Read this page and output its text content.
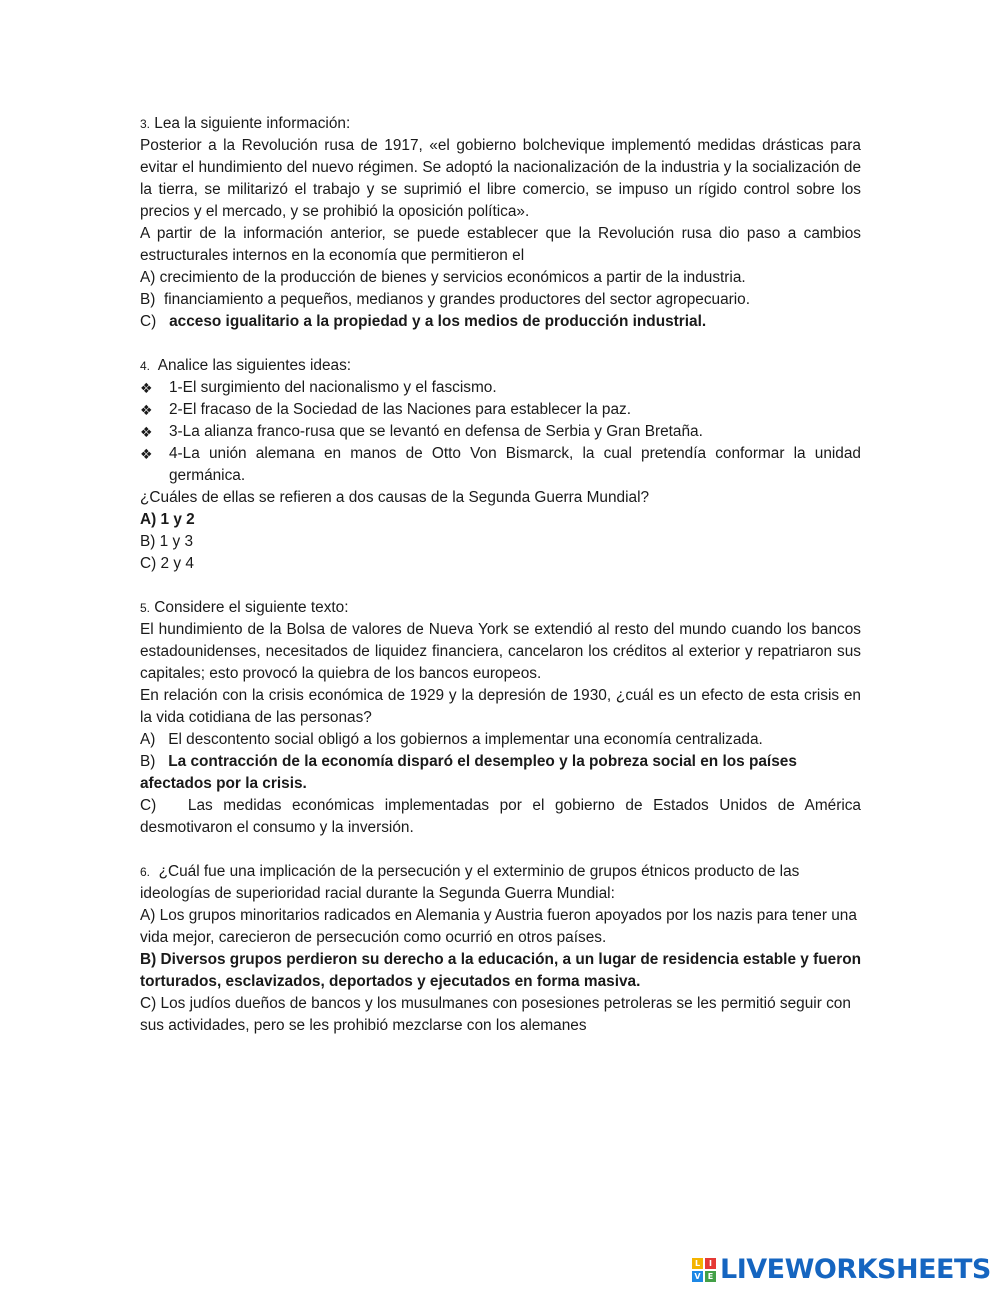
3. Lea la siguiente información:

Posterior a la Revolución rusa de 1917, «el gobierno bolchevique implementó medidas drásticas para evitar el hundimiento del nuevo régimen. Se adoptó la nacionalización de la industria y la socialización de la tierra, se militarizó el trabajo y se suprimió el libre comercio, se impuso un rígido control sobre los precios y el mercado, y se prohibió la oposición política».

A partir de la información anterior, se puede establecer que la Revolución rusa dio paso a cambios estructurales internos en la economía que permitieron el

A) crecimiento de la producción de bienes y servicios económicos a partir de la industria.

B) financiamiento a pequeños, medianos y grandes productores del sector agropecuario.

C) acceso igualitario a la propiedad y a los medios de producción industrial.

4. Analice las siguientes ideas:

❖ 1-El surgimiento del nacionalismo y el fascismo.
❖ 2-El fracaso de la Sociedad de las Naciones para establecer la paz.
❖ 3-La alianza franco-rusa que se levantó en defensa de Serbia y Gran Bretaña.
❖ 4-La unión alemana en manos de Otto Von Bismarck, la cual pretendía conformar la unidad germánica.

¿Cuáles de ellas se refieren a dos causas de la Segunda Guerra Mundial?

A) 1 y 2

B) 1 y 3

C) 2 y 4

5. Considere el siguiente texto:

El hundimiento de la Bolsa de valores de Nueva York se extendió al resto del mundo cuando los bancos estadounidenses, necesitados de liquidez financiera, cancelaron los créditos al exterior y repatriaron sus capitales; esto provocó la quiebra de los bancos europeos.

En relación con la crisis económica de 1929 y la depresión de 1930, ¿cuál es un efecto de esta crisis en la vida cotidiana de las personas?

A) El descontento social obligó a los gobiernos a implementar una economía centralizada.

B) La contracción de la economía disparó el desempleo y la pobreza social en los países afectados por la crisis.

C) Las medidas económicas implementadas por el gobierno de Estados Unidos de América desmotivaron el consumo y la inversión.

6. ¿Cuál fue una implicación de la persecución y el exterminio de grupos étnicos producto de las ideologías de superioridad racial durante la Segunda Guerra Mundial:

A) Los grupos minoritarios radicados en Alemania y Austria fueron apoyados por los nazis para tener una vida mejor, carecieron de persecución como ocurrió en otros países.

B) Diversos grupos perdieron su derecho a la educación, a un lugar de residencia estable y fueron torturados, esclavizados, deportados y ejecutados en forma masiva.

C) Los judíos dueños de bancos y los musulmanes con posesiones petroleras se les permitió seguir con sus actividades, pero se les prohibió mezclarse con los alemanes

L	I
V E LIVEWORKSHEETS
